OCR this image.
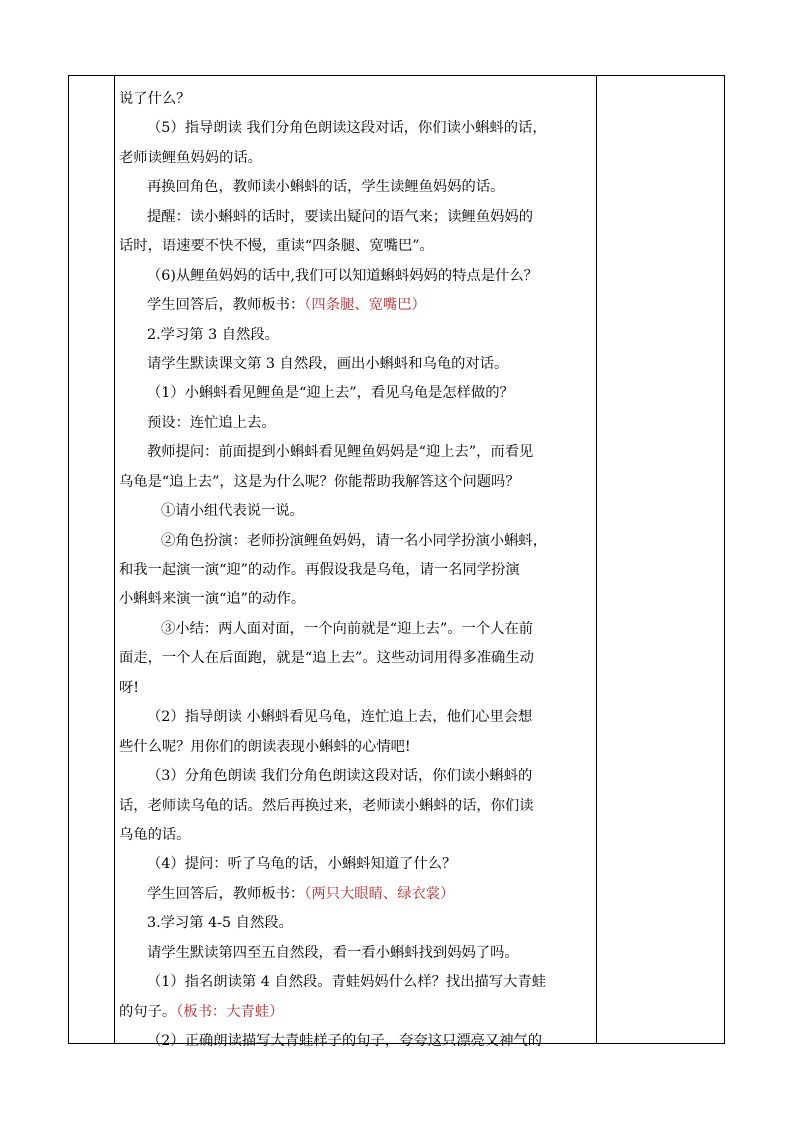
说了什么？
（5）指导朗读 我们分角色朗读这段对话，你们读小蝌蚪的话，
老师读鲤鱼妈妈的话。
再换回角色，教师读小蝌蚪的话，学生读鲤鱼妈妈的话。
提醒：读小蝌蚪的话时，要读出疑问的语气来；读鲤鱼妈妈的
话时，语速要不快不慢，重读“四条腿、宽嘴巴”。
（6)从鲤鱼妈妈的话中,我们可以知道蝌蚪妈妈的特点是什么？
学生回答后，教师板书：（四条腿、宽嘴巴）
2.学习第 3 自然段。
请学生默读课文第 3 自然段，画出小蝌蚪和乌龟的对话。
（1）小蝌蚪看见鲤鱼是“迎上去”，看见乌龟是怎样做的？
预设：连忙追上去。
教师提问：前面提到小蝌蚪看见鲤鱼妈妈是“迎上去”，而看见
乌龟是“追上去”，这是为什么呢？你能帮助我解答这个问题吗？
①请小组代表说一说。
②角色扮演：老师扮演鲤鱼妈妈，请一名小同学扮演小蝌蚪，
和我一起演一演“迎”的动作。再假设我是乌龟，请一名同学扮演
小蝌蚪来演一演“追”的动作。
③小结：两人面对面，一个向前就是“迎上去”。一个人在前
面走，一个人在后面跑，就是“追上去”。这些动词用得多准确生动
呀!
（2）指导朗读 小蝌蚪看见乌龟，连忙追上去，他们心里会想
些什么呢？用你们的朗读表现小蝌蚪的心情吧!
（3）分角色朗读 我们分角色朗读这段对话，你们读小蝌蚪的
话，老师读乌龟的话。然后再换过来，老师读小蝌蚪的话，你们读
乌龟的话。
（4）提问：听了乌龟的话，小蝌蚪知道了什么？
学生回答后，教师板书：（两只大眼睛、绿衣裳）
3.学习第 4-5 自然段。
请学生默读第四至五自然段，看一看小蝌蚪找到妈妈了吗。
（1）指名朗读第 4 自然段。青蛙妈妈什么样？找出描写大青蛙
的句子。（板书：大青蛙）
（2）正确朗读描写大青蛙样子的句子，夸夸这只漂亮又神气的
